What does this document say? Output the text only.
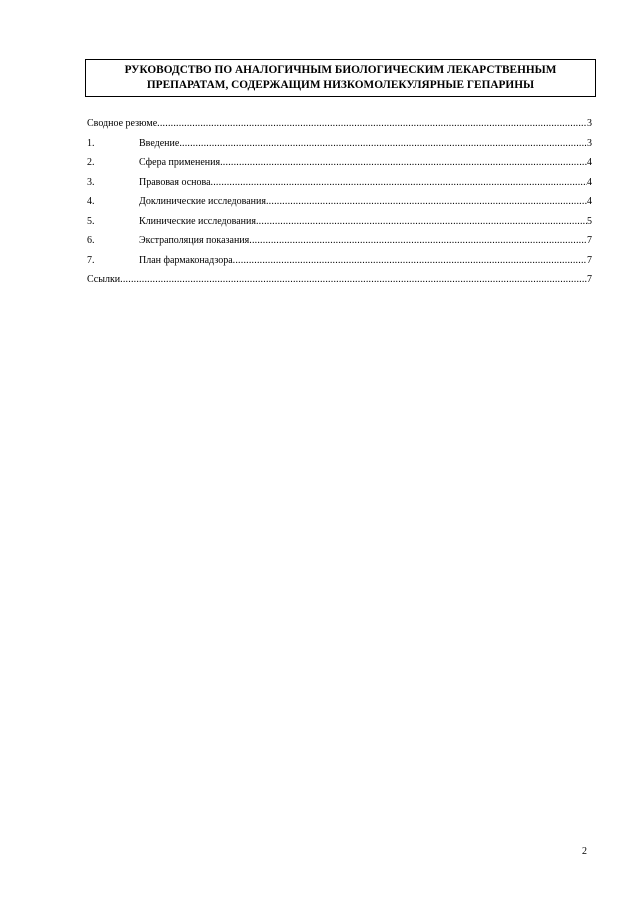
РУКОВОДСТВО ПО АНАЛОГИЧНЫМ БИОЛОГИЧЕСКИМ ЛЕКАРСТВЕННЫМ
ПРЕПАРАТАМ, СОДЕРЖАЩИМ НИЗКОМОЛЕКУЛЯРНЫЕ ГЕПАРИНЫ
Сводное резюме .....	3
1.	Введение .....	3
2.	Сфера применения .....	4
3.	Правовая основа .....	4
4.	Доклинические исследования .....	4
5.	Клинические исследования .....	5
6.	Экстраполяция показания .....	7
7.	План фармаконадзора .....	7
Ссылки .....	7
2
